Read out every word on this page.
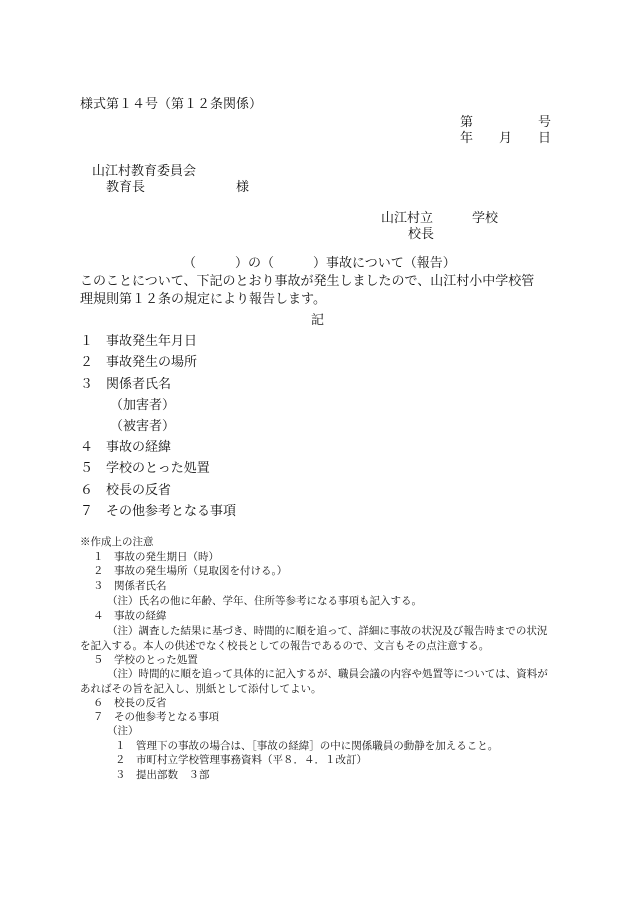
様式第１４号（第１２条関係）
第　　　　　号
年　　月　　日
山江村教育委員会
教育長　　　　　　　様
山江村立　　　学校
校長
（　　　）の（　　　）事故について（報告）
このことについて、下記のとおり事故が発生しましたので、山江村小中学校管
理規則第１２条の規定により報告します。
記
１　事故発生年月日
２　事故発生の場所
３　関係者氏名
（加害者）
（被害者）
４　事故の経緯
５　学校のとった処置
６　校長の反省
７　その他参考となる事項
※作成上の注意
１　事故の発生期日（時）
２　事故の発生場所（見取図を付ける。）
３　関係者氏名
（注）氏名の他に年齢、学年、住所等参考になる事項も記入する。
４　事故の経緯
（注）調査した結果に基づき、時間的に順を追って、詳細に事故の状況及び報告時までの状況を記入する。本人の供述でなく校長としての報告であるので、文言もその点注意する。
５　学校のとった処置
（注）時間的に順を追って具体的に記入するが、職員会議の内容や処置等については、資料があればその旨を記入し、別紙として添付してよい。
６　校長の反省
７　その他参考となる事項
（注）
１　管理下の事故の場合は、［事故の経緯］の中に関係職員の動静を加えること。
２　市町村立学校管理事務資料（平８．４．１改訂）
３　提出部数　３部
